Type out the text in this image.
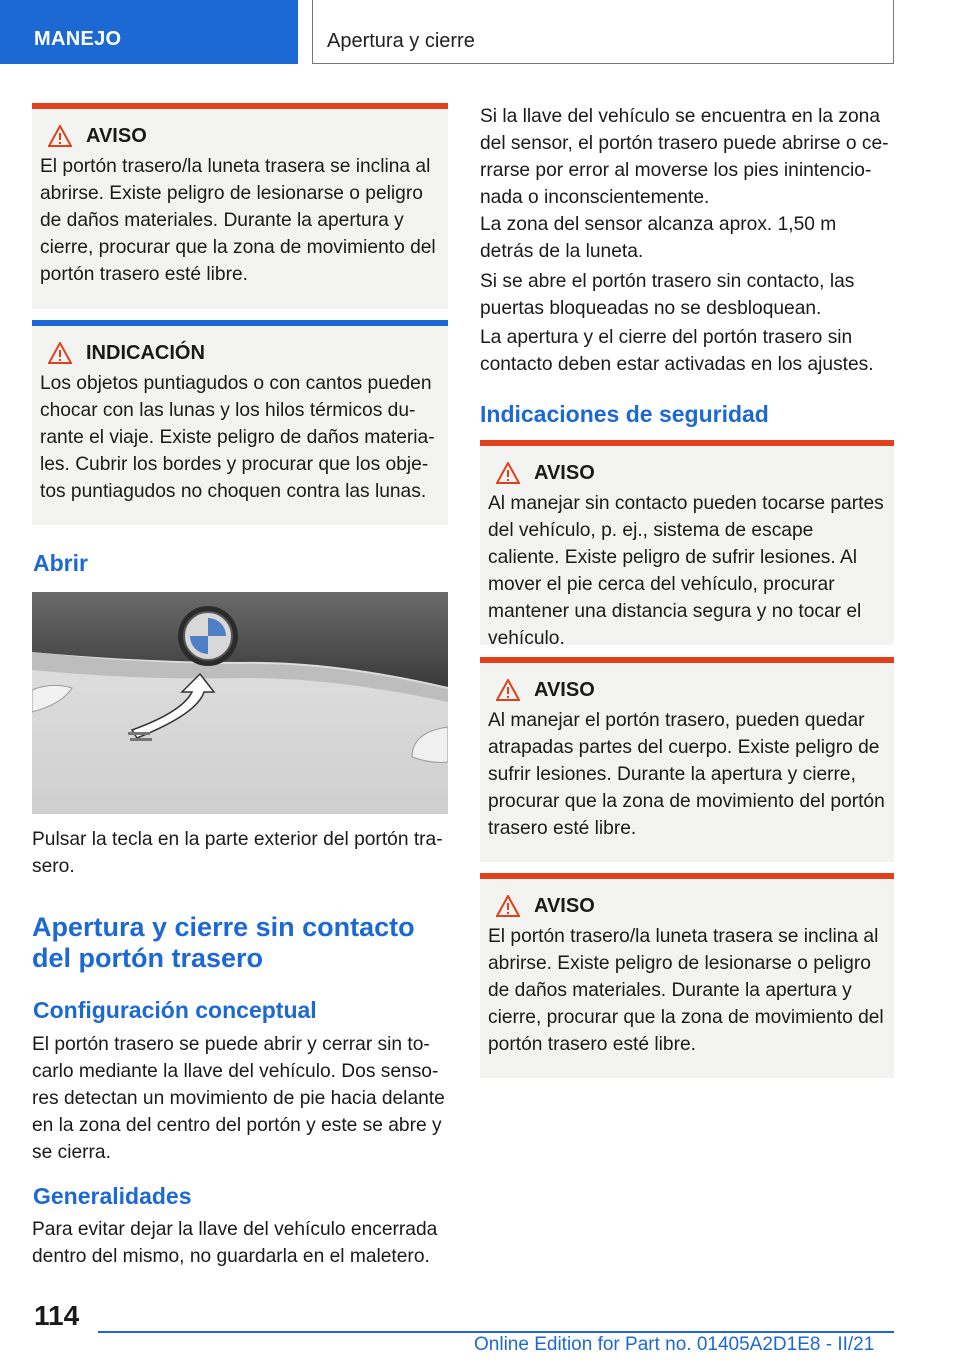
MANEJO	Apertura y cierre
AVISO

El portón trasero/la luneta trasera se inclina al abrirse. Existe peligro de lesionarse o peligro de daños materiales. Durante la apertura y cierre, procurar que la zona de movimiento del portón trasero esté libre.

INDICACIÓN

Los objetos puntiagudos o con cantos pueden chocar con las lunas y los hilos térmicos durante el viaje. Existe peligro de daños materiales. Cubrir los bordes y procurar que los objetos puntiagudos no choquen contra las lunas.

Abrir

Pulsar la tecla en la parte exterior del portón trasero.

Apertura y cierre sin contacto del portón trasero
Configuración conceptual

El portón trasero se puede abrir y cerrar sin tocarlo mediante la llave del vehículo. Dos sensores detectan un movimiento de pie hacia delante en la zona del centro del portón y este se abre y se cierra.

Generalidades

Para evitar dejar la llave del vehículo encerrada dentro del mismo, no guardarla en el maletero.

Si la llave del vehículo se encuentra en la zona del sensor, el portón trasero puede abrirse o cerrarse por error al moverse los pies inintencionada o inconscientemente.

La zona del sensor alcanza aprox. 1,50 m detrás de la luneta.

Si se abre el portón trasero sin contacto, las puertas bloqueadas no se desbloquean.

La apertura y el cierre del portón trasero sin contacto deben estar activadas en los ajustes.

Indicaciones de seguridad
AVISO

Al manejar sin contacto pueden tocarse partes del vehículo, p. ej., sistema de escape caliente. Existe peligro de sufrir lesiones. Al mover el pie cerca del vehículo, procurar mantener una distancia segura y no tocar el vehículo.

AVISO

Al manejar el portón trasero, pueden quedar atrapadas partes del cuerpo. Existe peligro de sufrir lesiones. Durante la apertura y cierre, procurar que la zona de movimiento del portón trasero esté libre.

AVISO

El portón trasero/la luneta trasera se inclina al abrirse. Existe peligro de lesionarse o peligro de daños materiales. Durante la apertura y cierre, procurar que la zona de movimiento del portón trasero esté libre.

114
Online Edition for Part no. 01405A2D1E8 - II/21
